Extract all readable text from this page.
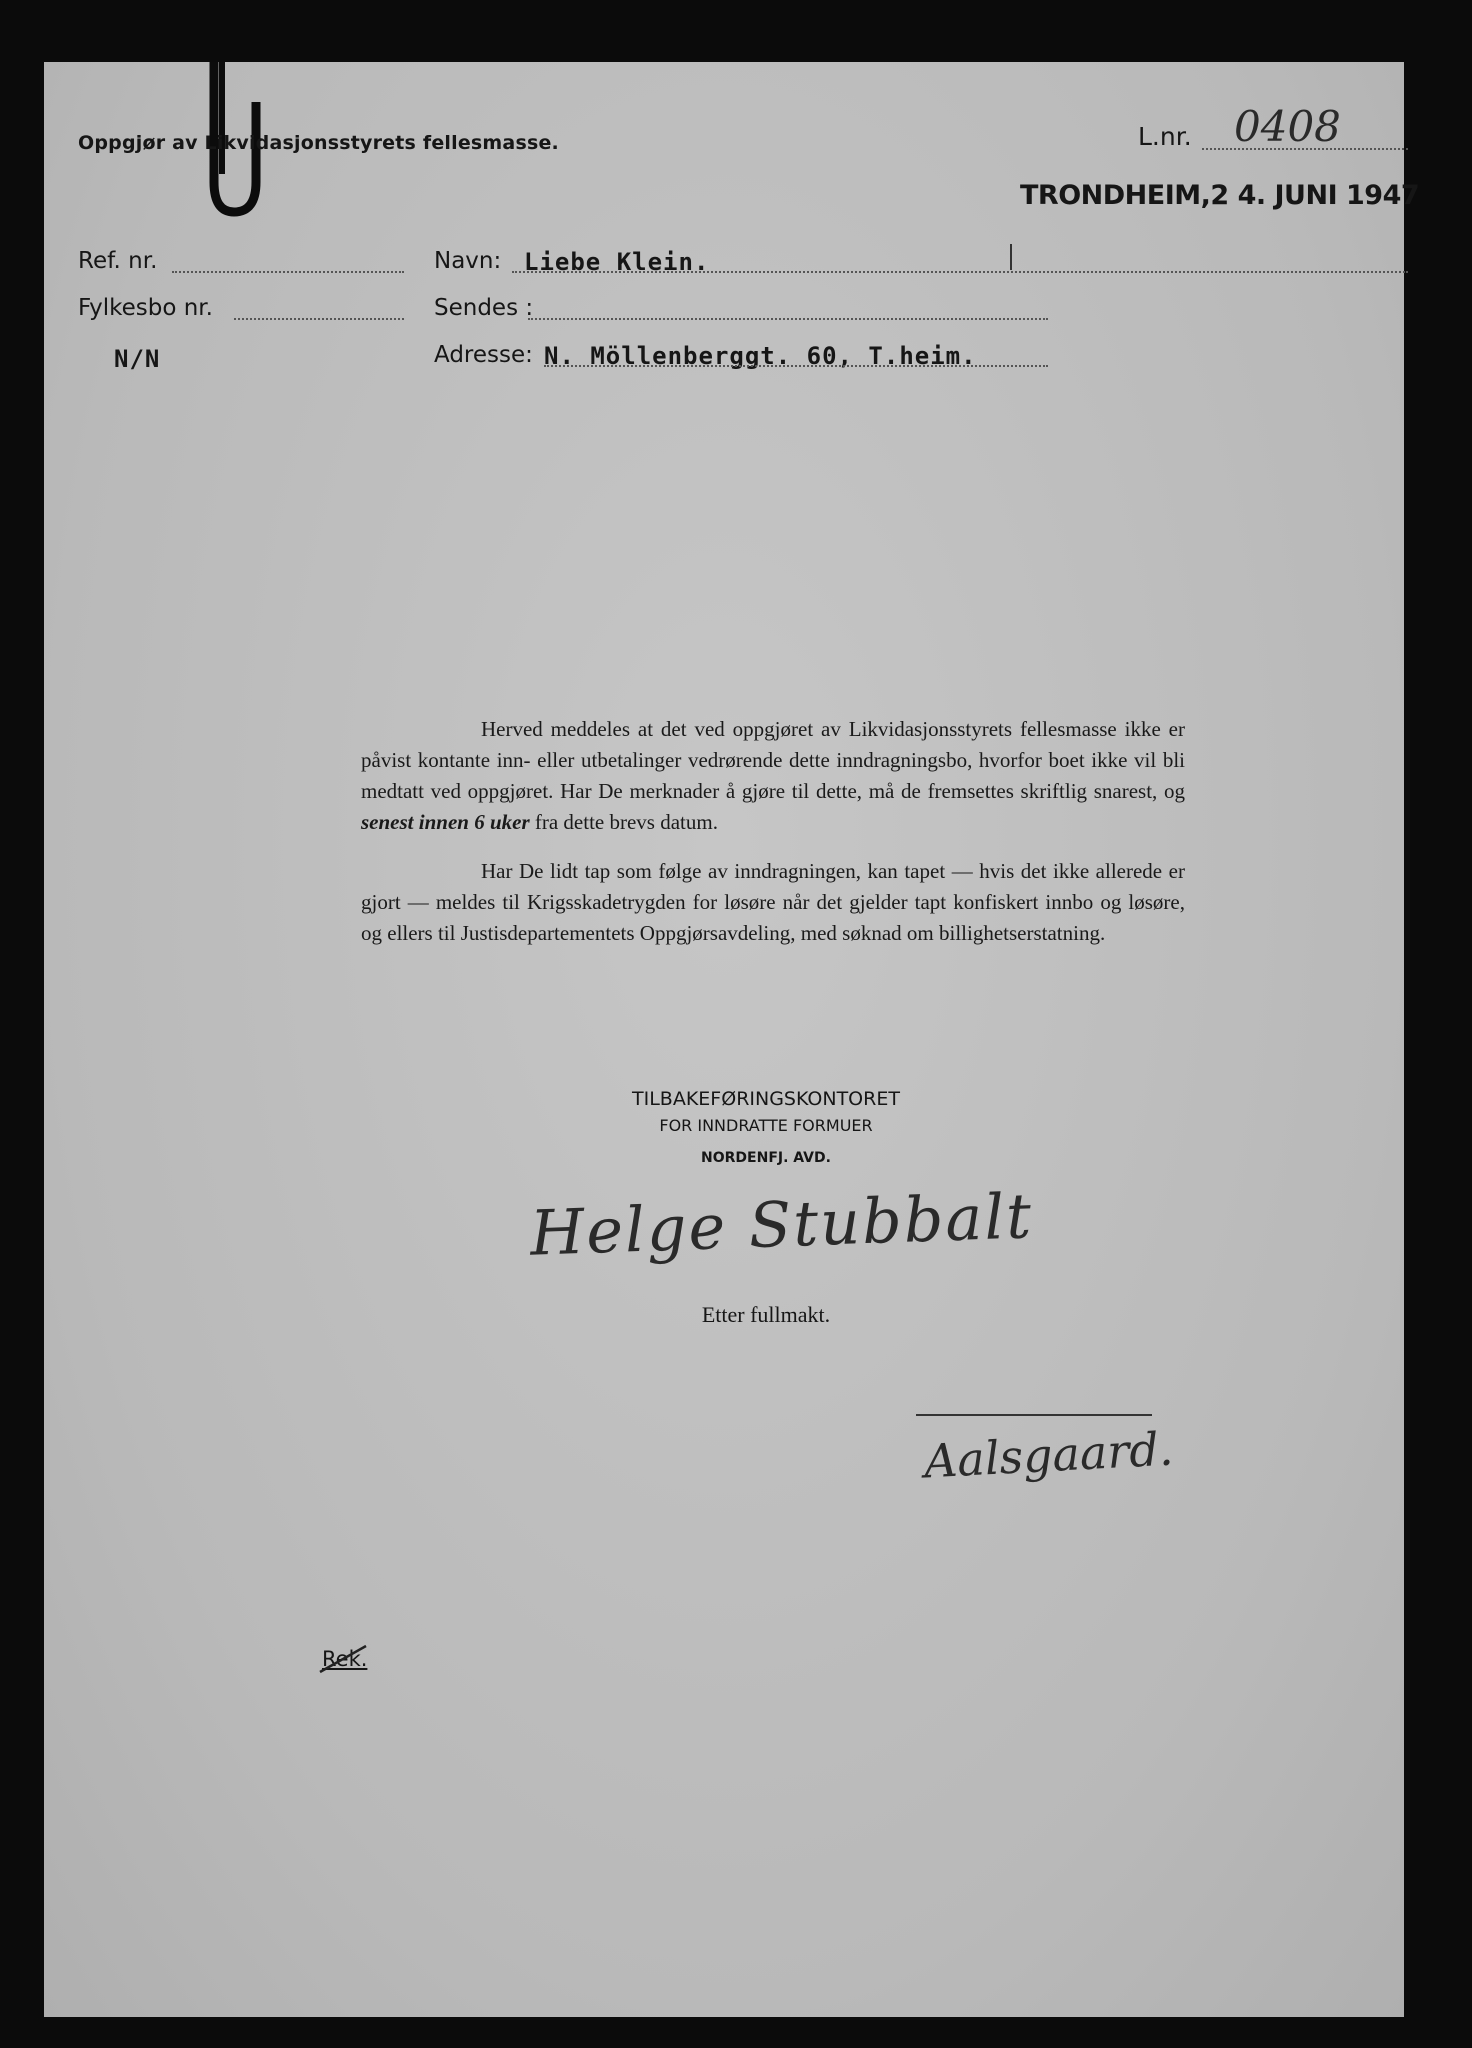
Oppgjør av Likvidasjonsstyrets fellesmasse.	L.nr. 0408
TRONDHEIM,2 4. JUNI 1947
Ref. nr.
Fylkesbo nr.
N/N
Navn: Liebe Klein.
Sendes :
Adresse: N. Möllenberggt. 60, T.heim.

Herved meddeles at det ved oppgjøret av Likvidasjonsstyrets fellesmasse ikke er påvist kontante inn- eller utbetalinger vedrørende dette inndragningsbo, hvorfor boet ikke vil bli medtatt ved oppgjøret. Har De merknader å gjøre til dette, må de fremsettes skriftlig snarest, og senest innen 6 uker fra dette brevs datum.

Har De lidt tap som følge av inndragningen, kan tapet — hvis det ikke allerede er gjort — meldes til Krigsskadetrygden for løsøre når det gjelder tapt konfiskert innbo og løsøre, og ellers til Justisdepartementets Oppgjørsavdeling, med søknad om billighetserstatning.

TILBAKEFØRINGSKONTORET
FOR INNDRATTE FORMUER
NORDENFJ. AVD.
Helge Stubbalt
Etter fullmakt.
Aalsgaard.
Rek.
